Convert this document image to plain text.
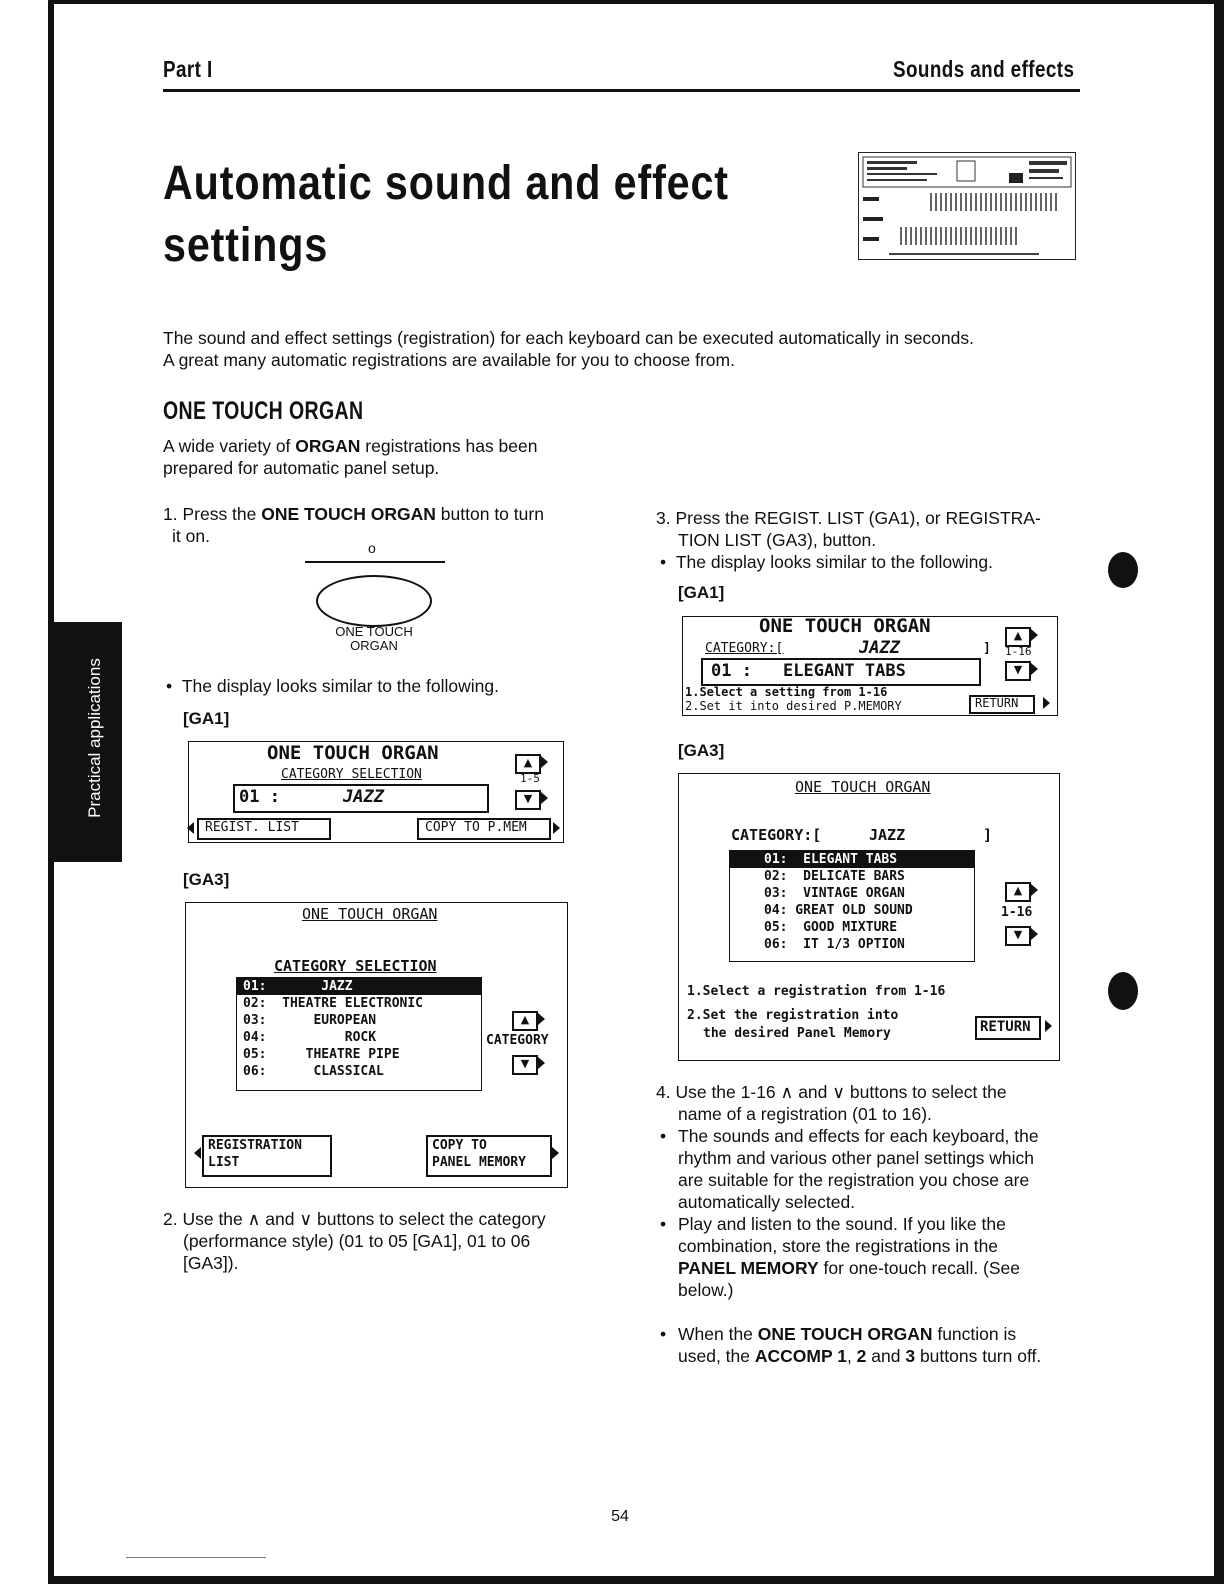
Part I	Sounds and effects
Automatic sound and effect
settings
Practical applications
The sound and effect settings (registration) for each keyboard can be executed automatically in seconds.
A great many automatic registrations are available for you to choose from.
ONE TOUCH ORGAN
A wide variety of ORGAN registrations has been
prepared for automatic panel setup.
1. Press the ONE TOUCH ORGAN button to turn
it on.
o
ONE TOUCH
ORGAN
•  The display looks similar to the following.
[GA1]
ONE TOUCH ORGAN
CATEGORY SELECTION
01 :	JAZZ
▲
1-5
▼
REGIST. LIST	COPY TO P.MEM
[GA3]
ONE TOUCH ORGAN
CATEGORY SELECTION
01:       JAZZ
02:  THEATRE ELECTRONIC
03:      EUROPEAN
04:          ROCK
05:     THEATRE PIPE
06:      CLASSICAL
▲
CATEGORY
▼
REGISTRATION
LIST
COPY TO
PANEL MEMORY
2. Use the ∧ and ∨ buttons to select the category
(performance style) (01 to 05 [GA1], 01 to 06
[GA3]).
3. Press the REGIST. LIST (GA1), or REGISTRA-
TION LIST (GA3), button.
•  The display looks similar to the following.
[GA1]
ONE TOUCH ORGAN
CATEGORY:[	JAZZ	]
01 : ELEGANT TABS
▲
1-16
▼
1.Select a setting from 1-16
2.Set it into desired P.MEMORY	RETURN
[GA3]
ONE TOUCH ORGAN
CATEGORY:[	JAZZ	]
01:  ELEGANT TABS
02:  DELICATE BARS
03:  VINTAGE ORGAN
04: GREAT OLD SOUND
05:  GOOD MIXTURE
06:  IT 1/3 OPTION
▲
1-16
▼
1.Select a registration from 1-16
2.Set the registration into
the desired Panel Memory	RETURN
4. Use the 1-16 ∧ and ∨ buttons to select the
name of a registration (01 to 16).
• The sounds and effects for each keyboard, the
rhythm and various other panel settings which
are suitable for the registration you chose are
automatically selected.
• Play and listen to the sound. If you like the
combination, store the registrations in the
PANEL MEMORY for one-touch recall. (See
below.)
• When the ONE TOUCH ORGAN function is
used, the ACCOMP 1, 2 and 3 buttons turn off.
54
